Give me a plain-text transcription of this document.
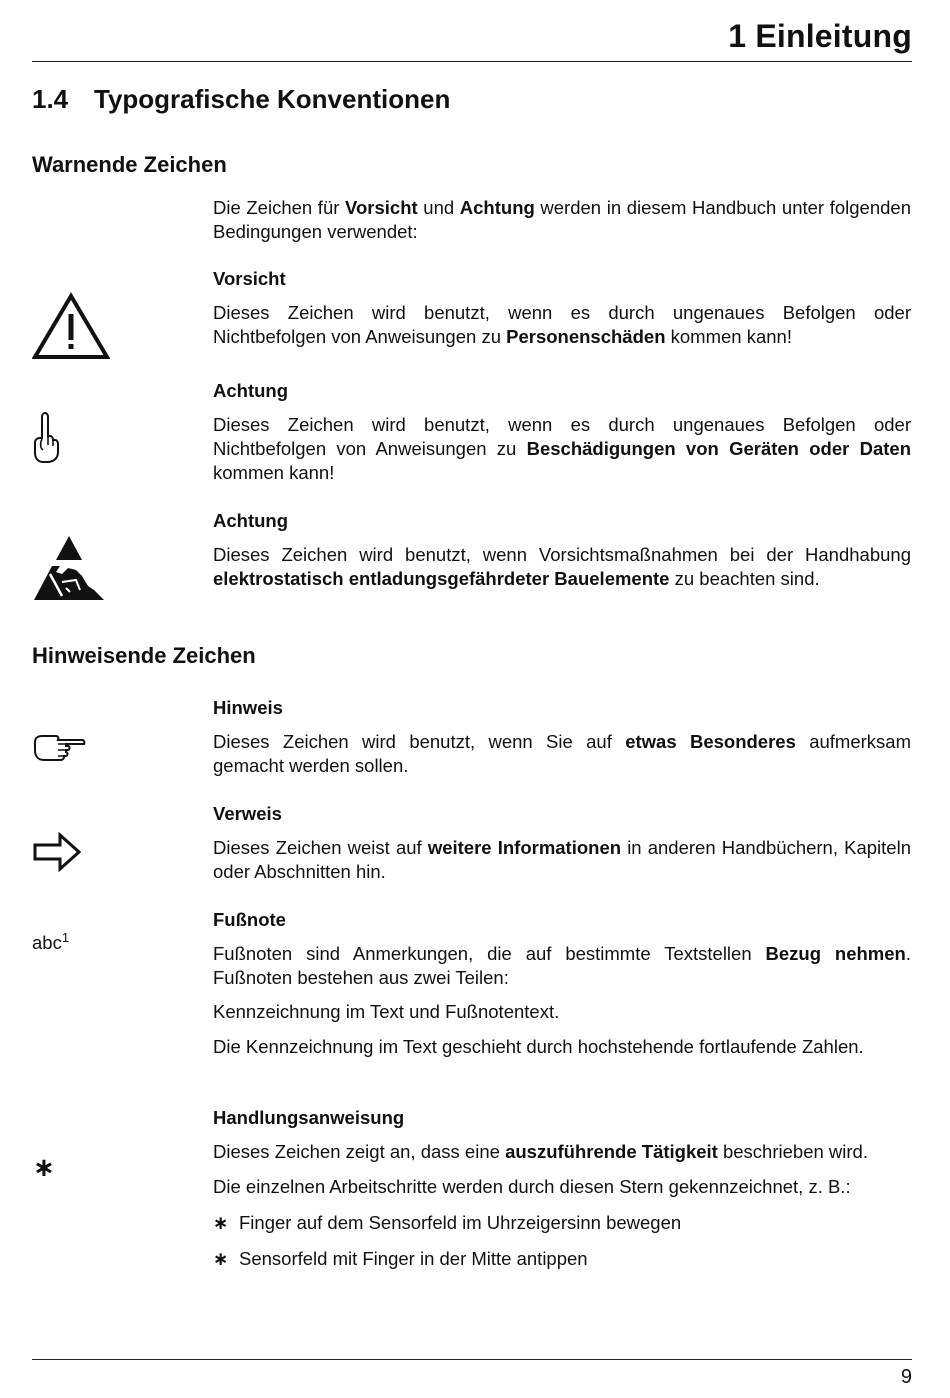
1 Einleitung
1.4 Typografische Konventionen
Warnende Zeichen

Die Zeichen für Vorsicht und Achtung werden in diesem Handbuch unter folgenden Bedingungen verwendet:

Vorsicht

Dieses Zeichen wird benutzt, wenn es durch ungenaues Befolgen oder Nichtbefolgen von Anweisungen zu Personenschäden kommen kann!

Achtung

Dieses Zeichen wird benutzt, wenn es durch ungenaues Befolgen oder Nichtbefolgen von Anweisungen zu Beschädigungen von Geräten oder Daten kommen kann!

Achtung

Dieses Zeichen wird benutzt, wenn Vorsichtsmaßnahmen bei der Handhabung elektrostatisch entladungsgefährdeter Bauelemente zu beachten sind.

Hinweisende Zeichen

Hinweis

Dieses Zeichen wird benutzt, wenn Sie auf etwas Besonderes aufmerksam gemacht werden sollen.

Verweis

Dieses Zeichen weist auf weitere Informationen in anderen Handbüchern, Kapiteln oder Abschnitten hin.

abc$^1$

Fußnote

Fußnoten sind Anmerkungen, die auf bestimmte Textstellen Bezug nehmen. Fußnoten bestehen aus zwei Teilen:

Kennzeichnung im Text und Fußnotentext.

Die Kennzeichnung im Text geschieht durch hochstehende fortlaufende Zahlen.

∗

Handlungsanweisung

Dieses Zeichen zeigt an, dass eine auszuführende Tätigkeit beschrieben wird.

Die einzelnen Arbeitschritte werden durch diesen Stern gekennzeichnet, z. B.:

∗ Finger auf dem Sensorfeld im Uhrzeigersinn bewegen
∗ Sensorfeld mit Finger in der Mitte antippen
9
